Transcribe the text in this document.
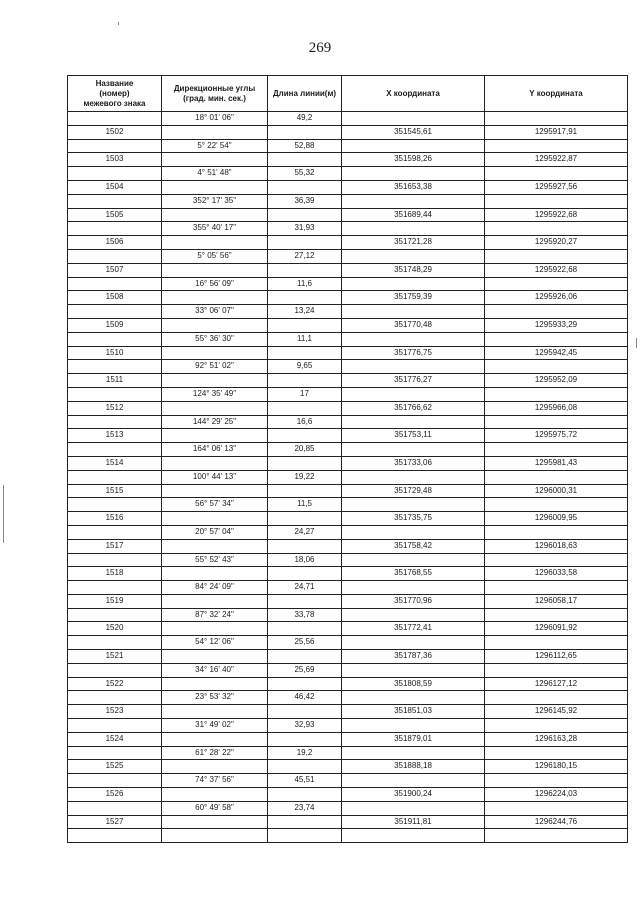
269
Название
(номер)
межевого знака	Дирекционные углы
(град. мин. сек.)	Длина линии(м)	X координата	Y координата
	18° 01' 06"	49,2		
1502			351545,61	1295917,91
	5° 22' 54"	52,88		
1503			351598,26	1295922,87
	4° 51' 48"	55,32		
1504			351653,38	1295927,56
	352° 17' 35"	36,39		
1505			351689,44	1295922,68
	355° 40' 17"	31,93		
1506			351721,28	1295920,27
	5° 05' 56"	27,12		
1507			351748,29	1295922,68
	16° 56' 09"	11,6		
1508			351759,39	1295926,06
	33° 06' 07"	13,24		
1509			351770,48	1295933,29
	55° 36' 30"	11,1		
1510			351776,75	1295942,45
	92° 51' 02"	9,65		
1511			351776,27	1295952,09
	124° 35' 49"	17		
1512			351766,62	1295966,08
	144° 29' 25"	16,6		
1513			351753,11	1295975,72
	164° 06' 13"	20,85		
1514			351733,06	1295981,43
	100° 44' 13"	19,22		
1515			351729,48	1296000,31
	56° 57' 34"	11,5		
1516			351735,75	1296009,95
	20° 57' 04"	24,27		
1517			351758,42	1296018,63
	55° 52' 43"	18,06		
1518			351768,55	1296033,58
	84° 24' 09"	24,71		
1519			351770,96	1296058,17
	87° 32' 24"	33,78		
1520			351772,41	1296091,92
	54° 12' 06"	25,56		
1521			351787,36	1296112,65
	34° 16' 40"	25,69		
1522			351808,59	1296127,12
	23° 53' 32"	46,42		
1523			351851,03	1296145,92
	31° 49' 02"	32,93		
1524			351879,01	1296163,28
	61° 28' 22"	19,2		
1525			351888,18	1296180,15
	74° 37' 56"	45,51		
1526			351900,24	1296224,03
	60° 49' 58"	23,74		
1527			351911,81	1296244,76
